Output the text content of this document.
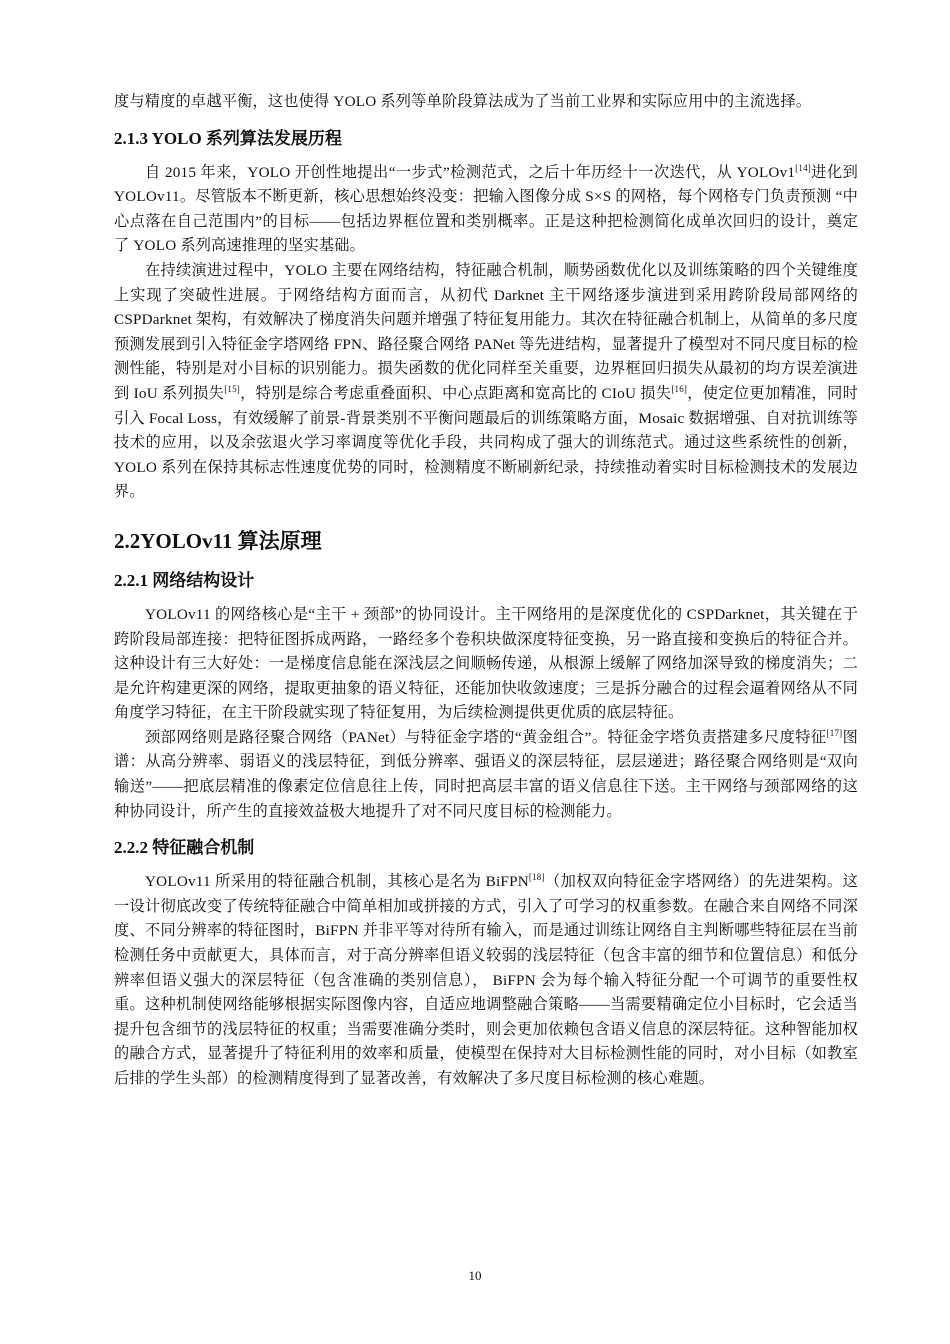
度与精度的卓越平衡，这也使得 YOLO 系列等单阶段算法成为了当前工业界和实际应用中的主流选择。

2.1.3 YOLO 系列算法发展历程

自 2015 年来，YOLO 开创性地提出“一步式”检测范式，之后十年历经十一次迭代，从 YOLOv1[14]进化到 YOLOv11。尽管版本不断更新，核心思想始终没变：把输入图像分成 S×S 的网格，每个网格专门负责预测 “中心点落在自己范围内”的目标——包括边界框位置和类别概率。正是这种把检测简化成单次回归的设计，奠定了 YOLO 系列高速推理的坚实基础。

在持续演进过程中，YOLO 主要在网络结构，特征融合机制，顺势函数优化以及训练策略的四个关键维度上实现了突破性进展。于网络结构方面而言，从初代 Darknet 主干网络逐步演进到采用跨阶段局部网络的 CSPDarknet 架构，有效解决了梯度消失问题并增强了特征复用能力。其次在特征融合机制上，从简单的多尺度预测发展到引入特征金字塔网络 FPN、路径聚合网络 PANet 等先进结构，显著提升了模型对不同尺度目标的检测性能，特别是对小目标的识别能力。损失函数的优化同样至关重要，边界框回归损失从最初的均方误差演进到 IoU 系列损失[15]，特别是综合考虑重叠面积、中心点距离和宽高比的 CIoU 损失[16]，使定位更加精准，同时引入 Focal Loss，有效缓解了前景-背景类别不平衡问题最后的训练策略方面，Mosaic 数据增强、自对抗训练等技术的应用，以及余弦退火学习率调度等优化手段，共同构成了强大的训练范式。通过这些系统性的创新， YOLO 系列在保持其标志性速度优势的同时，检测精度不断刷新纪录，持续推动着实时目标检测技术的发展边界。

2.2YOLOv11 算法原理
2.2.1 网络结构设计

YOLOv11 的网络核心是“主干 + 颈部”的协同设计。主干网络用的是深度优化的 CSPDarknet，其关键在于跨阶段局部连接：把特征图拆成两路，一路经多个卷积块做深度特征变换，另一路直接和变换后的特征合并。这种设计有三大好处：一是梯度信息能在深浅层之间顺畅传递，从根源上缓解了网络加深导致的梯度消失；二是允许构建更深的网络，提取更抽象的语义特征，还能加快收敛速度；三是拆分融合的过程会逼着网络从不同角度学习特征，在主干阶段就实现了特征复用，为后续检测提供更优质的底层特征。

颈部网络则是路径聚合网络（PANet）与特征金字塔的“黄金组合”。特征金字塔负责搭建多尺度特征[17]图谱：从高分辨率、弱语义的浅层特征，到低分辨率、强语义的深层特征，层层递进；路径聚合网络则是“双向输送”——把底层精准的像素定位信息往上传，同时把高层丰富的语义信息往下送。主干网络与颈部网络的这种协同设计，所产生的直接效益极大地提升了对不同尺度目标的检测能力。

2.2.2 特征融合机制

YOLOv11 所采用的特征融合机制，其核心是名为 BiFPN[18]（加权双向特征金字塔网络）的先进架构。这一设计彻底改变了传统特征融合中简单相加或拼接的方式，引入了可学习的权重参数。在融合来自网络不同深度、不同分辨率的特征图时，BiFPN 并非平等对待所有输入，而是通过训练让网络自主判断哪些特征层在当前检测任务中贡献更大，具体而言，对于高分辨率但语义较弱的浅层特征（包含丰富的细节和位置信息）和低分辨率但语义强大的深层特征（包含准确的类别信息）， BiFPN 会为每个输入特征分配一个可调节的重要性权重。这种机制使网络能够根据实际图像内容，自适应地调整融合策略——当需要精确定位小目标时，它会适当提升包含细节的浅层特征的权重；当需要准确分类时，则会更加依赖包含语义信息的深层特征。这种智能加权的融合方式，显著提升了特征利用的效率和质量，使模型在保持对大目标检测性能的同时，对小目标（如教室后排的学生头部）的检测精度得到了显著改善，有效解决了多尺度目标检测的核心难题。

10
